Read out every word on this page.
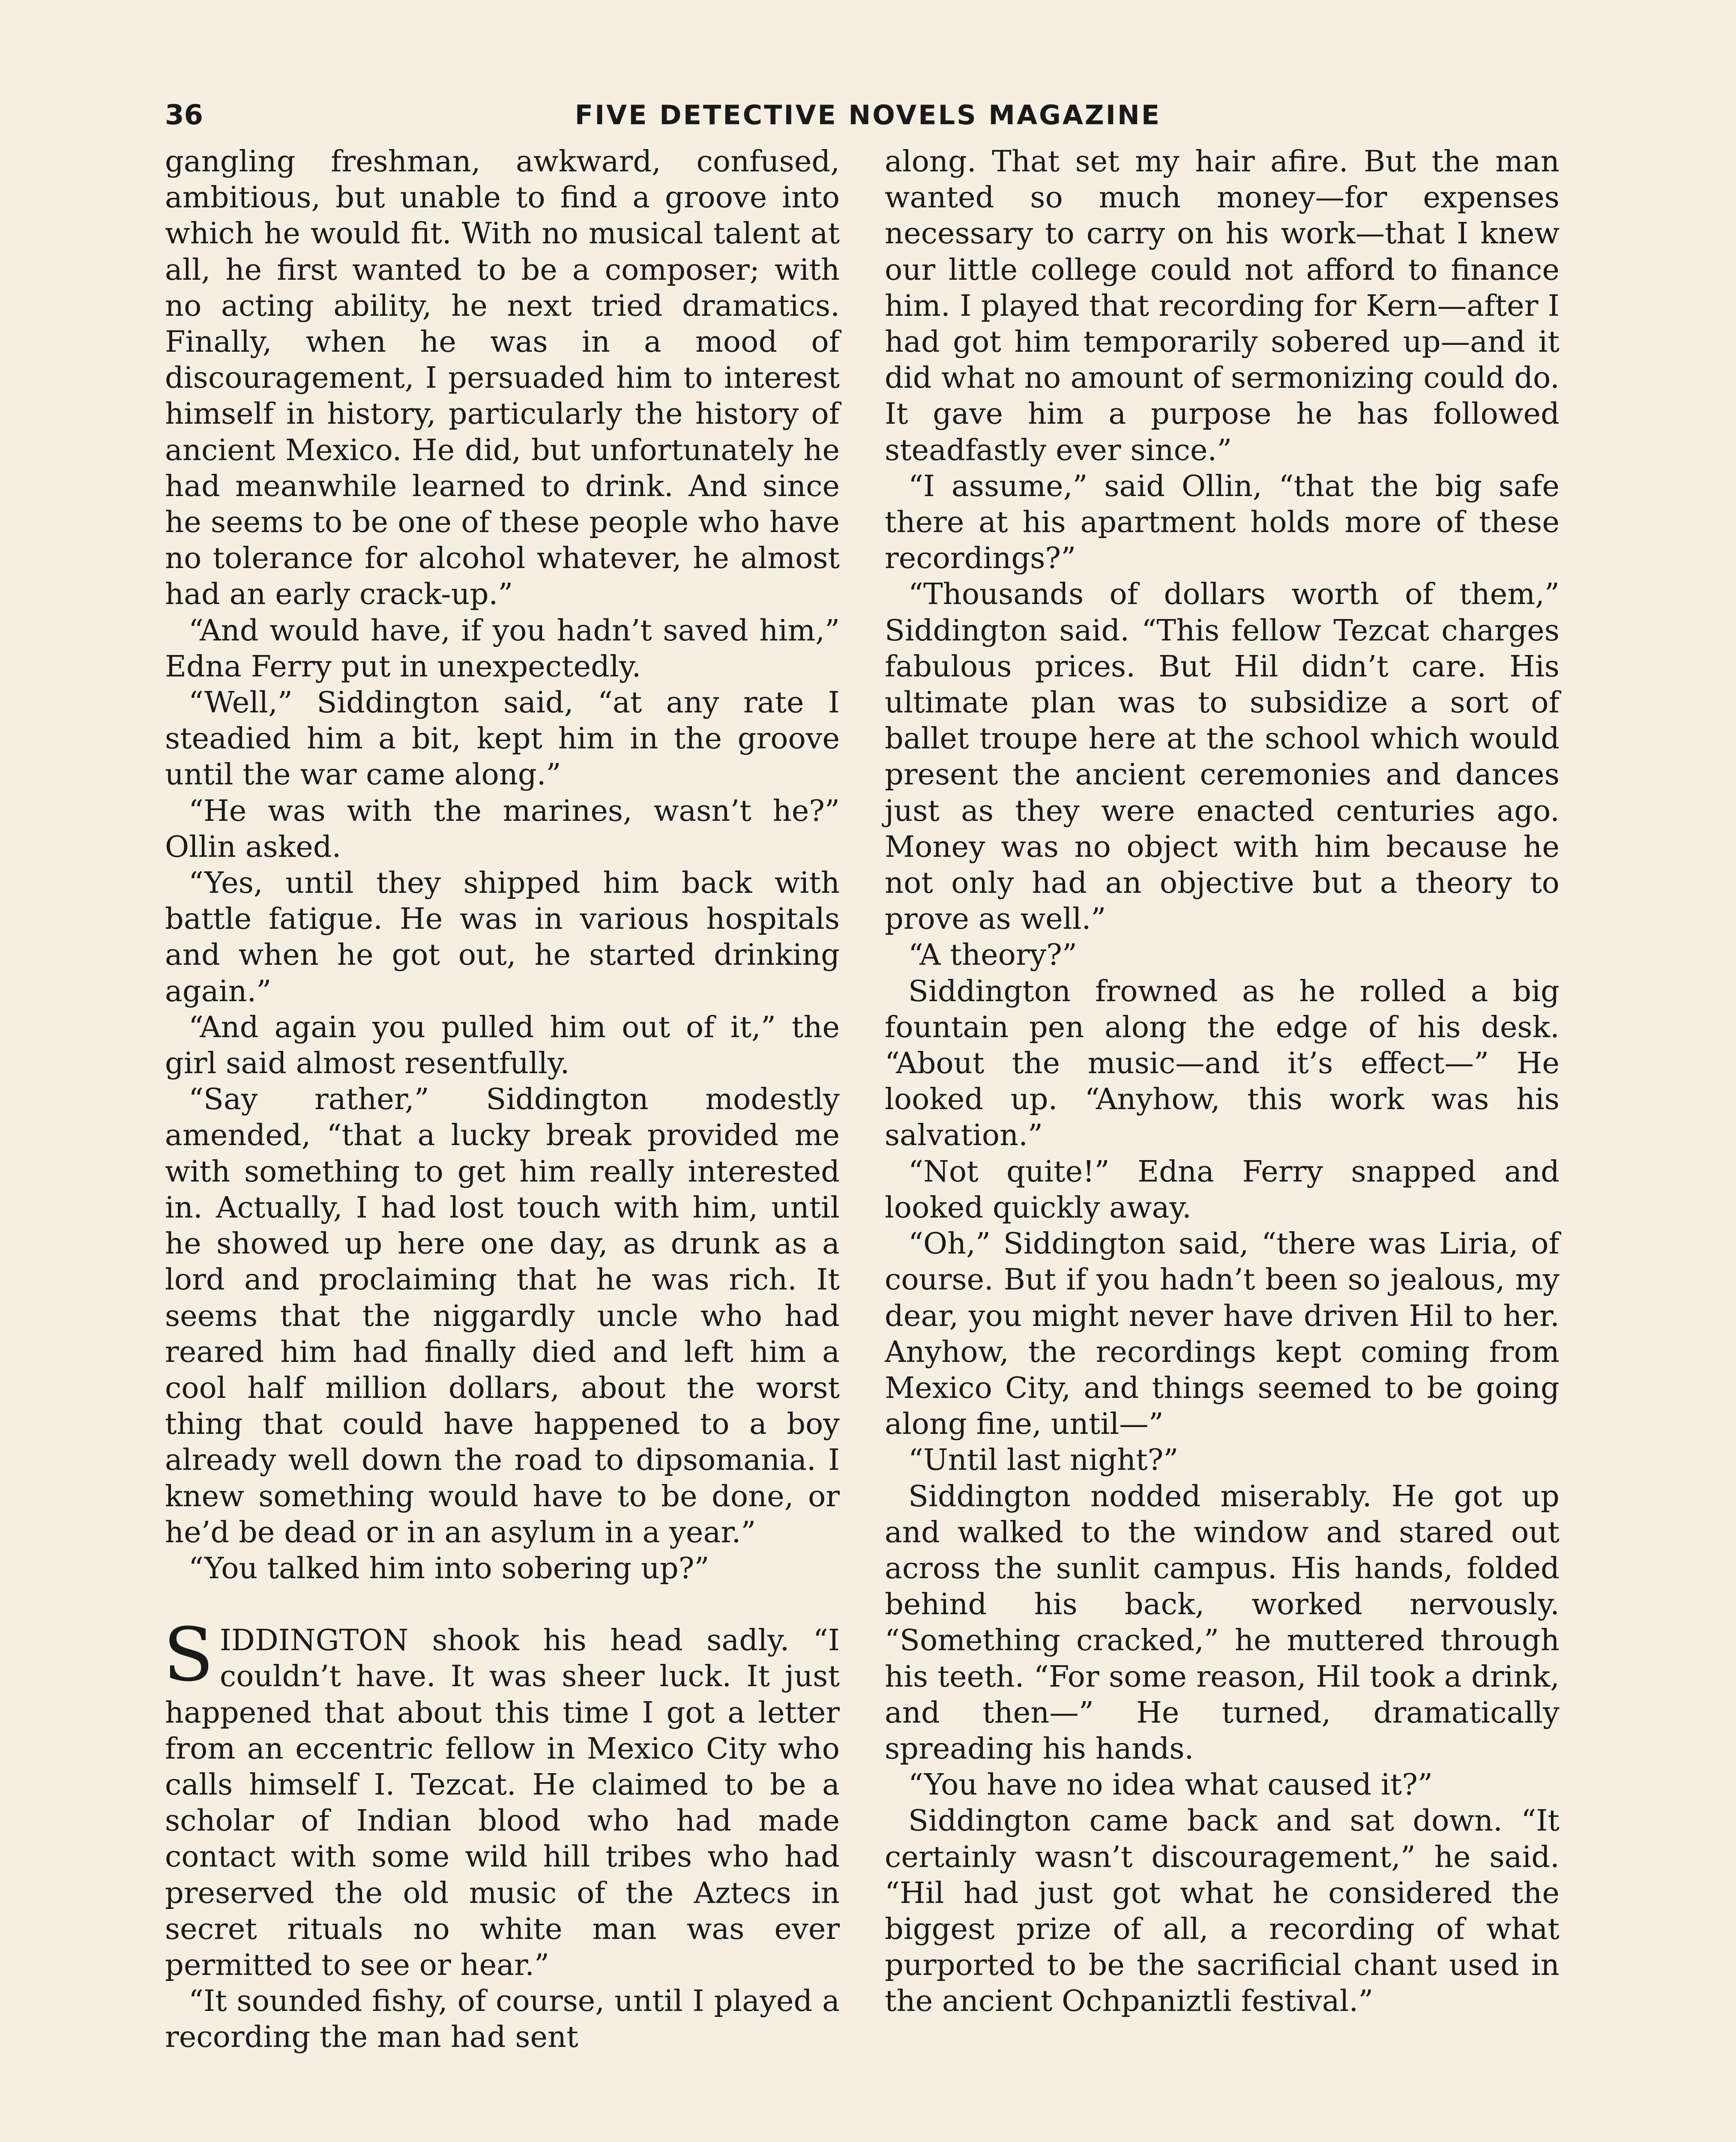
36	FIVE DETECTIVE NOVELS MAGAZINE

gangling freshman, awkward, confused, ambitious, but unable to find a groove into which he would fit. With no musical talent at all, he first wanted to be a composer; with no acting ability, he next tried dramatics. Finally, when he was in a mood of discouragement, I persuaded him to interest himself in history, particularly the history of ancient Mexico. He did, but unfortunately he had meanwhile learned to drink. And since he seems to be one of these people who have no tolerance for alcohol whatever, he almost had an early crack-up.”

“And would have, if you hadn’t saved him,” Edna Ferry put in unexpectedly.

“Well,” Siddington said, “at any rate I steadied him a bit, kept him in the groove until the war came along.”

“He was with the marines, wasn’t he?” Ollin asked.

“Yes, until they shipped him back with battle fatigue. He was in various hospitals and when he got out, he started drinking again.”

“And again you pulled him out of it,” the girl said almost resentfully.

“Say rather,” Siddington modestly amended, “that a lucky break provided me with something to get him really interested in. Actually, I had lost touch with him, until he showed up here one day, as drunk as a lord and proclaiming that he was rich. It seems that the niggardly uncle who had reared him had finally died and left him a cool half million dollars, about the worst thing that could have happened to a boy already well down the road to dipsomania. I knew something would have to be done, or he’d be dead or in an asylum in a year.”

“You talked him into sobering up?”

SIDDINGTON shook his head sadly. “I couldn’t have. It was sheer luck. It just happened that about this time I got a letter from an eccentric fellow in Mexico City who calls himself I. Tezcat. He claimed to be a scholar of Indian blood who had made contact with some wild hill tribes who had preserved the old music of the Aztecs in secret rituals no white man was ever permitted to see or hear.”

“It sounded fishy, of course, until I played a recording the man had sent

along. That set my hair afire. But the man wanted so much money—for expenses necessary to carry on his work—that I knew our little college could not afford to finance him. I played that recording for Kern—after I had got him temporarily sobered up—and it did what no amount of sermonizing could do. It gave him a purpose he has followed steadfastly ever since.”

“I assume,” said Ollin, “that the big safe there at his apartment holds more of these recordings?”

“Thousands of dollars worth of them,” Siddington said. “This fellow Tezcat charges fabulous prices. But Hil didn’t care. His ultimate plan was to subsidize a sort of ballet troupe here at the school which would present the ancient ceremonies and dances just as they were enacted centuries ago. Money was no object with him because he not only had an objective but a theory to prove as well.”

“A theory?”

Siddington frowned as he rolled a big fountain pen along the edge of his desk. “About the music—and it’s effect—” He looked up. “Anyhow, this work was his salvation.”

“Not quite!” Edna Ferry snapped and looked quickly away.

“Oh,” Siddington said, “there was Liria, of course. But if you hadn’t been so jealous, my dear, you might never have driven Hil to her. Anyhow, the recordings kept coming from Mexico City, and things seemed to be going along fine, until—”

“Until last night?”

Siddington nodded miserably. He got up and walked to the window and stared out across the sunlit campus. His hands, folded behind his back, worked nervously. “Something cracked,” he muttered through his teeth. “For some reason, Hil took a drink, and then—” He turned, dramatically spreading his hands.

“You have no idea what caused it?”

Siddington came back and sat down. “It certainly wasn’t discouragement,” he said. “Hil had just got what he considered the biggest prize of all, a recording of what purported to be the sacrificial chant used in the ancient Ochpaniztli festival.”
